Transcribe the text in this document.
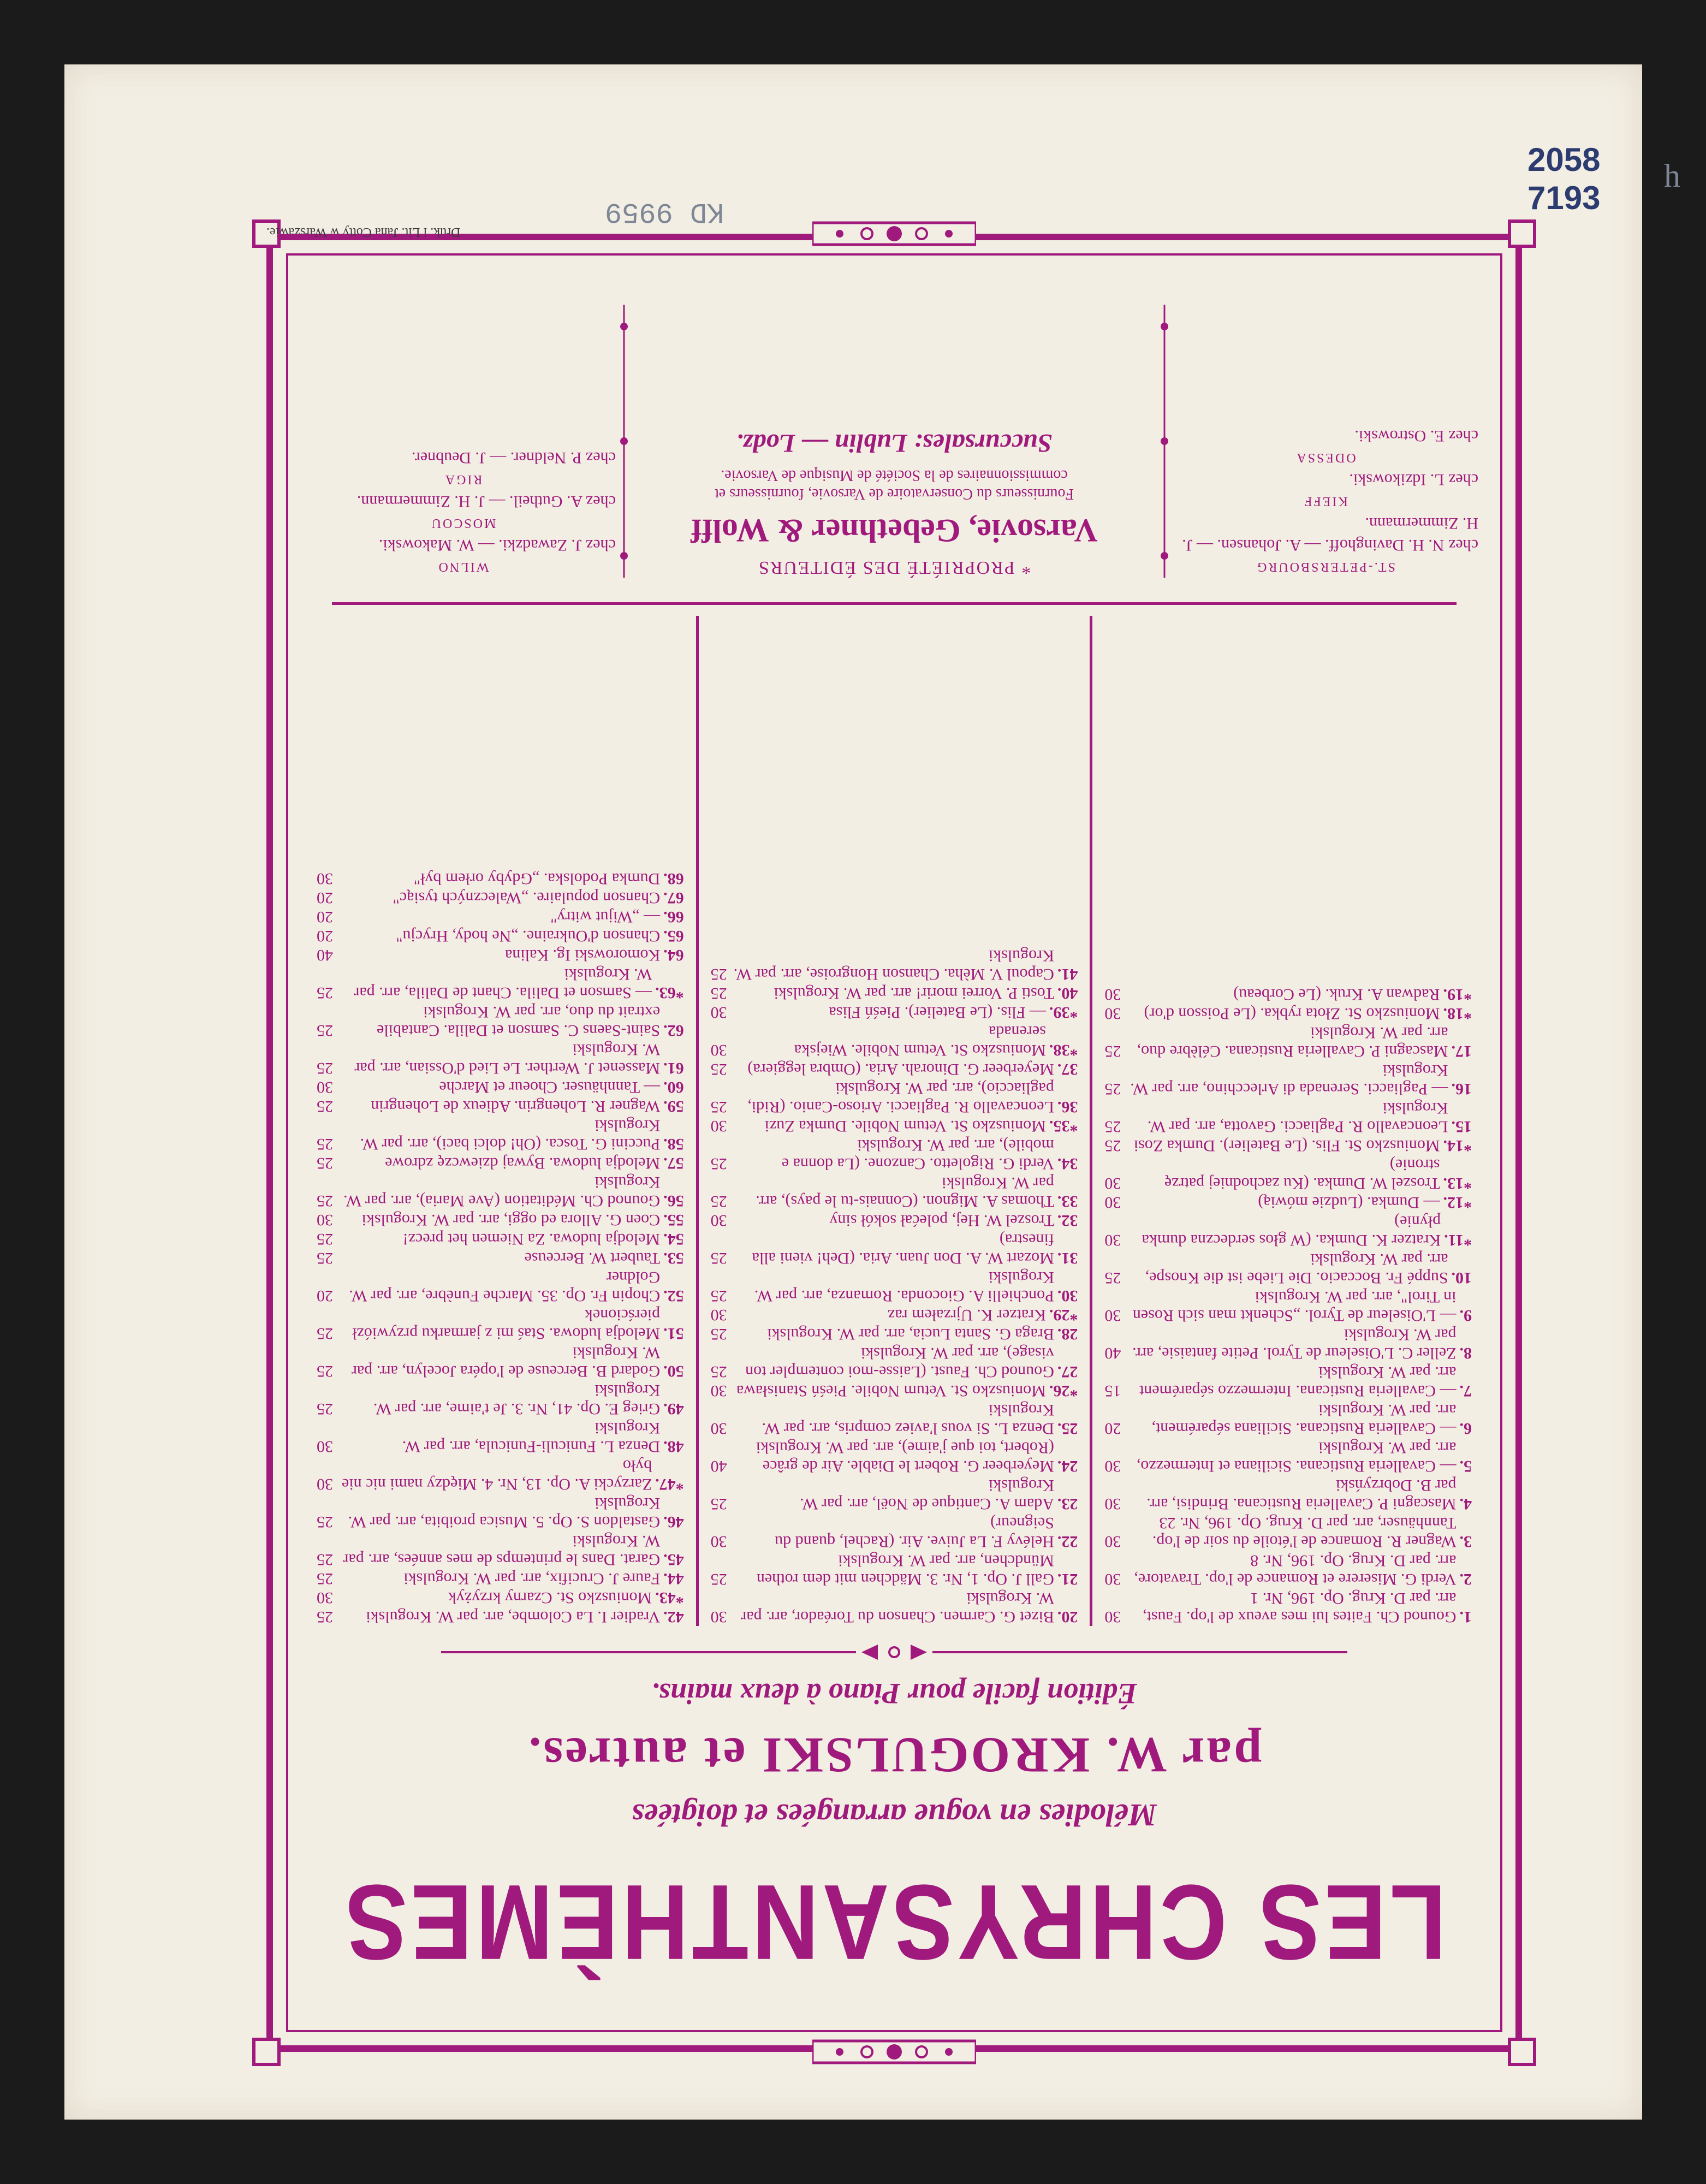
LES CHRYSANTHÈMES
Mélodies en vogue arrangées et doigtées
par W. KROGULSKI et autres.
Édition facile pour Piano à deux mains.
1.
Gounod Ch. Faites lui mes aveux de l'op. Faust, arr. par D. Krug. Op. 196, Nr. 1
30
2.
Verdi G. Miserere et Romance de l'op. Travatore, arr. par D. Krug. Op. 196, Nr. 8
30
3.
Wagner R. Romance de l'étoile du soir de l'op. Tannhäuser, arr. par D. Krug. Op. 196, Nr. 23
30
4.
Mascagni P. Cavalleria Rusticana. Brindisi, arr. par B. Dobrzyński
30
5.
— Cavalleria Rusticana. Siciliana et Intermezzo, arr. par W. Krogulski
30
6.
— Cavalleria Rusticana. Siciliana séparément, arr. par W. Krogulski
20
7.
— Cavalleria Rusticana. Intermezzo séparément arr. par W. Krogulski
15
8.
Zeller C. L'Oiseleur de Tyrol. Petite fantaisie, arr. par W. Krogulski
40
9.
— L'Oiseleur de Tyrol. „Schenkt man sich Rosen in Tirol", arr. par W. Krogulski
30
10.
Suppé Fr. Boccacio. Die Liebe ist die Knospe, arr. par W. Krogulski
25
*11.
Kratzer K. Dumka. (W głos serdeczna dumka płynie)
30
*12.
— Dumka. (Ludzie mówią)
30
*13.
Troszel W. Dumka. (Ku zachodniej patrzę stronie)
30
*14.
Moniuszko St. Flis. (Le Batelier). Dumka Zosi
25
15.
Leoncavallo R. Pagliacci. Gavotta, arr. par W. Krogulski
25
16.
— Pagliacci. Serenada di Arlecchino, arr. par W. Krogulski
25
17.
Mascagni P. Cavalleria Rusticana. Célèbre duo, arr. par W. Krogulski
25
*18.
Moniuszko St. Złota rybka. (Le Poisson d'or)
30
*19.
Radwan A. Kruk. (Le Corbeau)
30
20.
Bizet G. Carmen. Chanson du Toréador, arr. par W. Krogulski
30
21.
Gall J. Op. 1, Nr. 3. Mädchen mit dem rothen Mündchen, arr. par W. Krogulski
25
22.
Helévy F. La Juive. Air. (Rachel, quand du Seigneur)
30
23.
Adam A. Cantique de Noël, arr. par W. Krogulski
25
24.
Meyerbeer G. Robert le Diable. Air de grâce (Robert, toi que j'aime), arr. par W. Krogulski
40
25.
Denza L. Si vous l'aviez compris, arr. par W. Krogulski
30
*26.
Moniuszko St. Vetum Nobile. Pieśń Stanisława
30
27.
Gounod Ch. Faust. (Laisse-moi contempler ton visage), arr. par W. Krogulski
25
28.
Braga G. Santa Lucia, arr. par W. Krogulski
25
*29.
Kratzer K. Ujrzałem raz
30
30.
Ponchielli A. Gioconda. Romanza, arr. par W. Krogulski
25
31.
Mozart W. A. Don Juan. Aria. (Deh! vieni alla finestra)
25
32.
Troszel W. Hej, polećał sokół siny
30
33.
Thomas A. Mignon. (Connais-tu le pays), arr. par W. Krogulski
25
34.
Verdi G. Rigoletto. Canzone. (La donna e mobile), arr. par W. Krogulski
25
*35.
Moniuszko St. Vetum Nobile. Dumka Zuzi
30
36.
Leoncavallo R. Pagliacci. Arioso-Canio. (Ridi, pagliaccio), arr. par W. Krogulski
25
37.
Meyerbeer G. Dinorah. Aria. (Ombra leggiera)
25
*38.
Moniuszko St. Vetum Nobile. Wiejska serenada
30
*39.
— Flis. (Le Batelier). Pieśń Flisa
30
40.
Tosti P. Vorrei morir! arr. par W. Krogulski
25
41.
Capoul V. Mèha. Chanson Hongroise, arr. par W. Krogulski
25
42.
Vradier I. La Colombe, arr. par W. Krogulski
25
*43.
Moniuszko St. Czarny krzyżyk
30
44.
Faure J. Crucifix, arr. par W. Krogulski
25
45.
Garat. Dans le printemps de mes années, arr. par W. Krogulski
25
46.
Gastaldon S. Op. 5. Musica proibita, arr. par W. Krogulski
25
*47.
Zarzycki A. Op. 13, Nr. 4. Między nami nic nie było
30
48.
Denza L. Funiculi-Funicula, arr. par W. Krogulski
30
49.
Grieg E. Op. 41, Nr. 3. Je t'aime, arr. par W. Krogulski
25
50.
Godard B. Berceuse de l'opéra Jocelyn, arr. par W. Krogulski
25
51.
Melodja ludowa. Staś mi z jarmarku przywiózł pierścionek
25
52.
Chopin Fr. Op. 35. Marche Funèbre, arr. par W. Goldner
20
53.
Taubert W. Berceuse
25
54.
Melodja ludowa. Za Niemen het precz!
25
55.
Coen G. Allora ed oggi, arr. par W. Krogulski
30
56.
Gounod Ch. Méditation (Ave Maria), arr. par W. Krogulski
25
57.
Melodja ludowa. Bywaj dziewczę zdrowe
25
58.
Puccini G. Tosca. (Oh! dolci baci), arr. par W. Krogulski
25
59.
Wagner R. Lohengrin. Adieux de Lohengrin
25
60.
— Tannhäuser. Choeur et Marche
30
61.
Massenet J. Werther. Le Lied d'Ossian, arr. par W. Krogulski
25
62.
Saint-Saens C. Samson et Dalila. Cantabile extrait du duo, arr. par W. Krogulski
25
*63.
— Samson et Dalila. Chant de Dalila, arr. par W. Krogulski
25
64.
Komorowski Ig. Kalina
40
65.
Chanson d'Oukraine. „Ne hody, Hrycju"
20
66.
— „Wijut witry"
20
67.
Chanson populaire. „Waleczných tysiąc"
20
68.
Dumka Podolska. „Gdyby orłem był"
30
ST.-PETERSBOURG
chez N. H. Davinghoff. — A. Johansen. — J. H. Zimmermann.
KIEFF
chez L. Idzikowski.
ODESSA
chez E. Ostrowski.
* PROPRIÉTÉ DES ÉDITEURS
Varsovie, Gebethner & Wolff
Fournisseurs du Conservatoire de Varsovie, fournisseurs et commissionnaires de la Société de Musique de Varsovie.
Succursales: Lublin — Lodz.
WILNO
chez J. Zawadzki. — W. Makowski.
MOSCOU
chez A. Gutheil. — J. H. Zimmermann.
RIGA
chez P. Neldner. — J. Deubner.
Druk. i Lit. Jana Cotty w Warszawie.
KD 9959
2058
7193
h
